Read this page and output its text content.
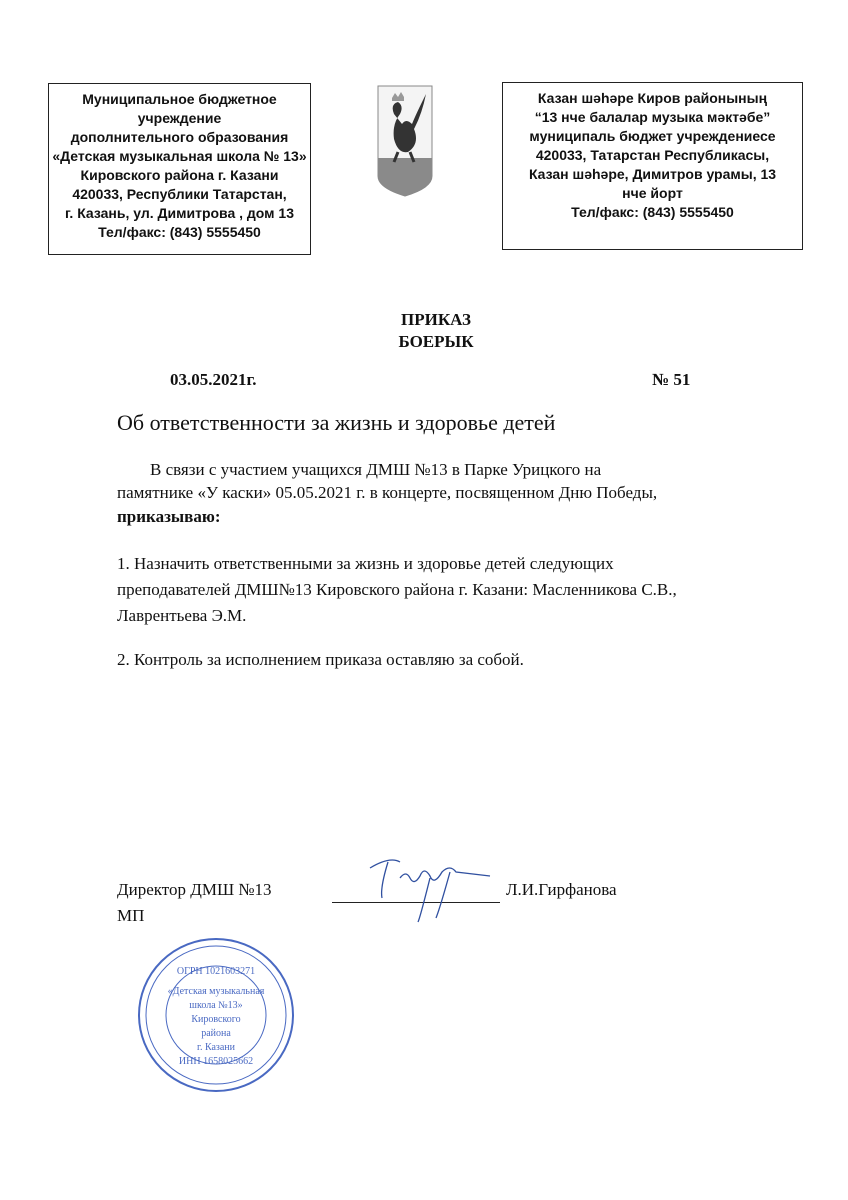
Муниципальное бюджетное
учреждение
дополнительного образования
«Детская музыкальная школа № 13»
Кировского района г. Казани
420033, Республики Татарстан,
г. Казань, ул. Димитрова , дом 13
Тел/факс: (843) 5555450
Казан шәһәре Киров районының
“13 нче балалар музыка мәктәбе”
муниципаль бюджет учреждениесе
420033, Татарстан Республикасы,
Казан шәһәре, Димитров урамы, 13
нче йорт
Тел/факс: (843) 5555450
ПРИКАЗ
БОЕРЫК
03.05.2021г.	№ 51
Об ответственности за жизнь и здоровье детей
В связи с участием учащихся ДМШ №13 в Парке Урицкого на
памятнике «У каски» 05.05.2021 г. в концерте, посвященном Дню Победы,
приказываю:
1. Назначить ответственными за жизнь и здоровье детей следующих
преподавателей ДМШ№13 Кировского района г. Казани: Масленникова С.В.,
Лаврентьева Э.М.
2. Контроль за исполнением приказа оставляю за собой.
ОГРН 1021603271
«Детская музыкальная
школа №13»
Кировского
района
г. Казани
ИНН 1658025662
Директор ДМШ №13	Л.И.Гирфанова
МП
